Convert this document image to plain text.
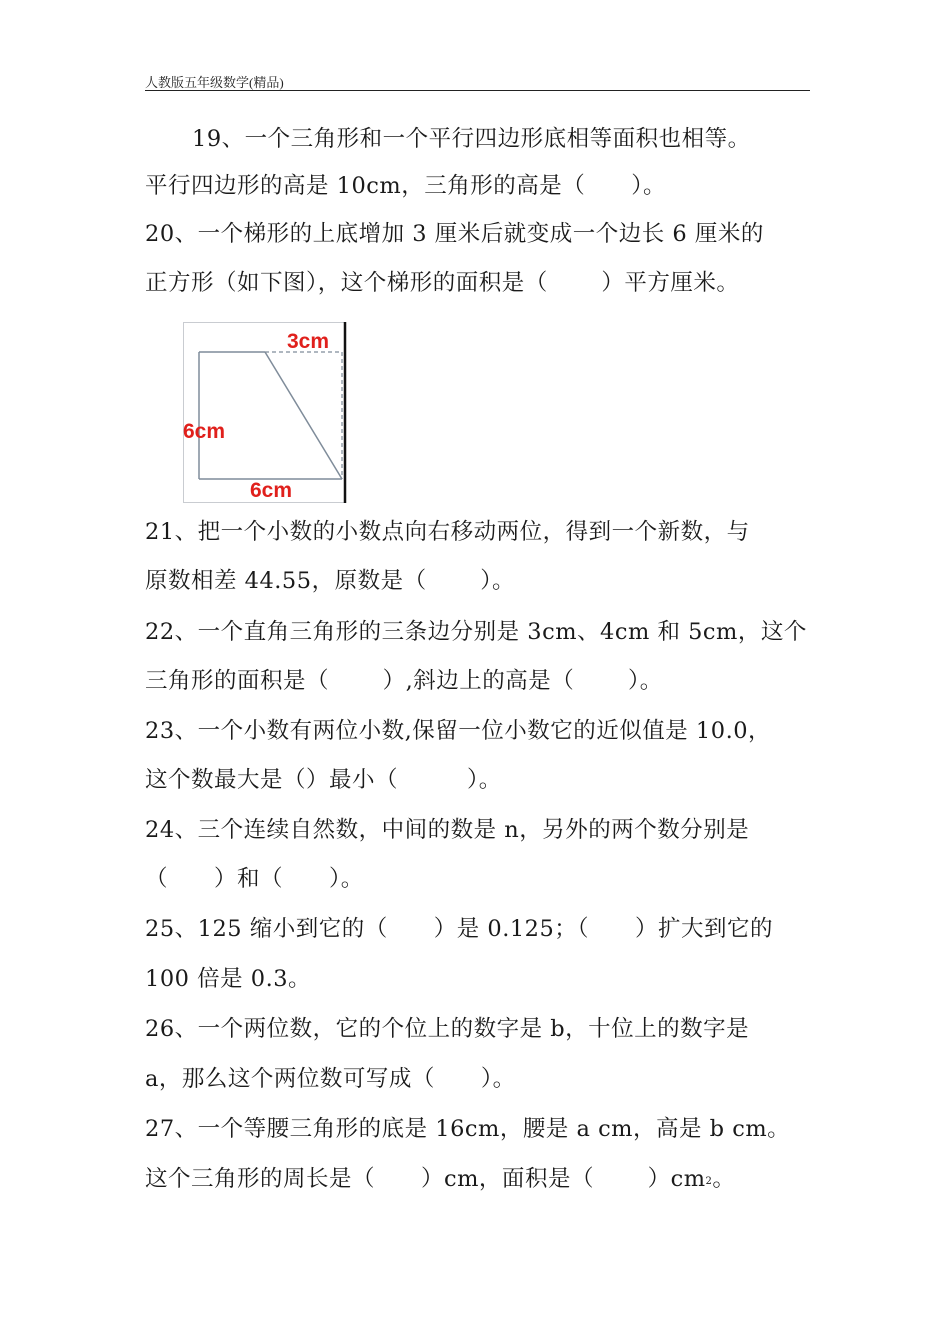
人教版五年级数学(精品)
19、一个三角形和一个平行四边形底相等面积也相等。
平行四边形的高是 10cm，三角形的高是（　　）。
20、一个梯形的上底增加 3 厘米后就变成一个边长 6 厘米的
正方形（如下图），这个梯形的面积是（　　 ）平方厘米。
3cm
6cm
6cm
21、把一个小数的小数点向右移动两位，得到一个新数，与
原数相差 44.55，原数是（　　 ）。
22、一个直角三角形的三条边分别是 3cm、4cm 和 5cm，这个
三角形的面积是（　　 ）,斜边上的高是（　　 ）。
23、一个小数有两位小数,保留一位小数它的近似值是 10.0，
这个数最大是（）最小（　　　）。
24、三个连续自然数，中间的数是 n，另外的两个数分别是
（　　）和（　　）。
25、125 缩小到它的（　　）是 0.125；（　　）扩大到它的
100 倍是 0.3。
26、一个两位数，它的个位上的数字是 b，十位上的数字是
a，那么这个两位数可写成（　　）。
27、一个等腰三角形的底是 16cm，腰是 a cm，高是 b cm。
这个三角形的周长是（　　）cm，面积是（　　 ）$cm_2$。
